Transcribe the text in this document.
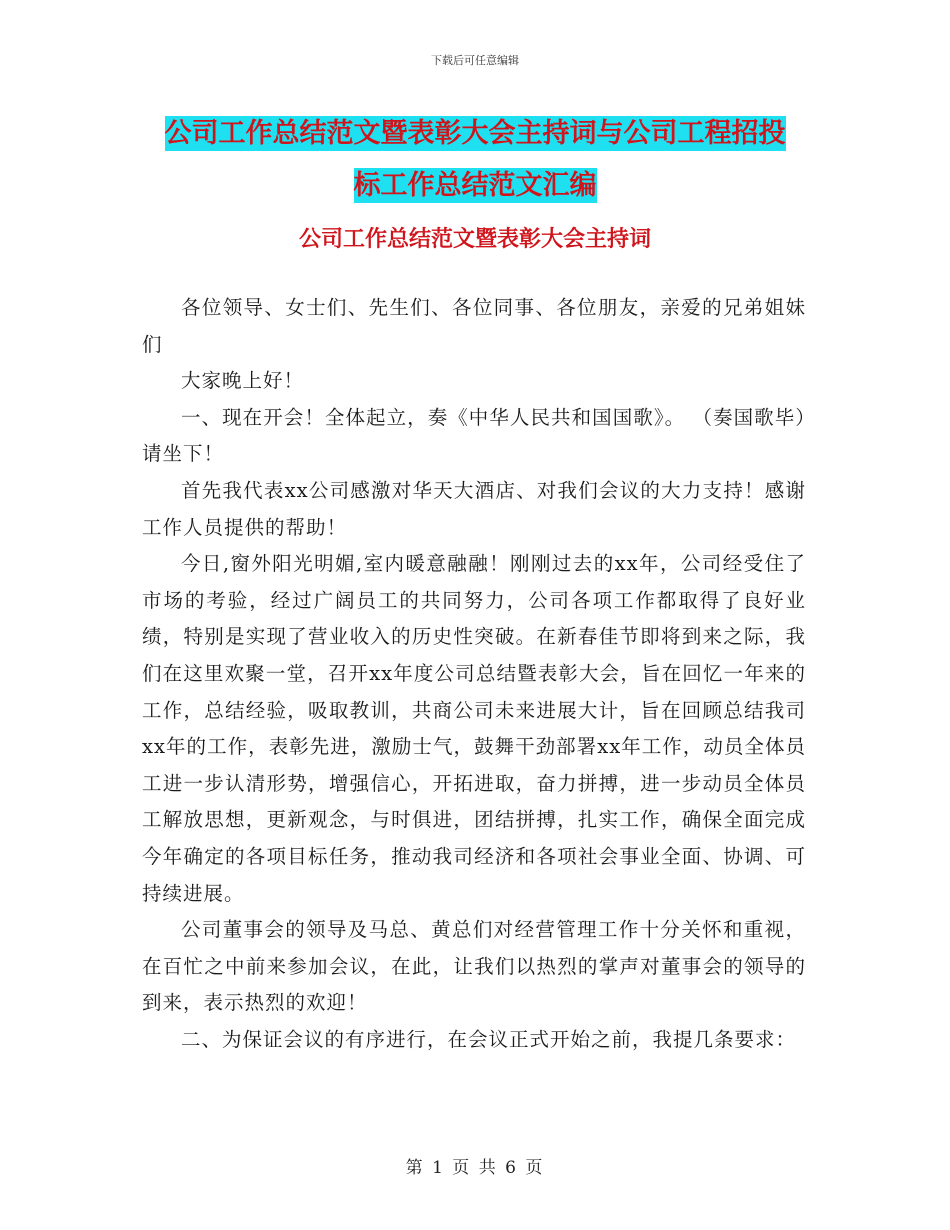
下载后可任意编辑
公司工作总结范文暨表彰大会主持词与公司工程招投
标工作总结范文汇编
公司工作总结范文暨表彰大会主持词

各位领导、女士们、先生们、各位同事、各位朋友，亲爱的兄弟姐妹们

大家晚上好！

一、现在开会！全体起立，奏《中华人民共和国国歌》。 （奏国歌毕）请坐下！

首先我代表xx公司感激对华天大酒店、对我们会议的大力支持！感谢工作人员提供的帮助！

今日,窗外阳光明媚,室内暖意融融！刚刚过去的xx年，公司经受住了市场的考验，经过广阔员工的共同努力，公司各项工作都取得了良好业绩，特别是实现了营业收入的历史性突破。在新春佳节即将到来之际，我们在这里欢聚一堂，召开xx年度公司总结暨表彰大会，旨在回忆一年来的工作，总结经验，吸取教训，共商公司未来进展大计，旨在回顾总结我司xx年的工作，表彰先进，激励士气，鼓舞干劲部署xx年工作，动员全体员工进一步认清形势，增强信心，开拓进取，奋力拼搏，进一步动员全体员工解放思想，更新观念，与时俱进，团结拼搏，扎实工作，确保全面完成今年确定的各项目标任务，推动我司经济和各项社会事业全面、协调、可持续进展。

公司董事会的领导及马总、黄总们对经营管理工作十分关怀和重视，在百忙之中前来参加会议，在此，让我们以热烈的掌声对董事会的领导的到来，表示热烈的欢迎！

二、为保证会议的有序进行，在会议正式开始之前，我提几条要求：

第 1 页 共 6 页
